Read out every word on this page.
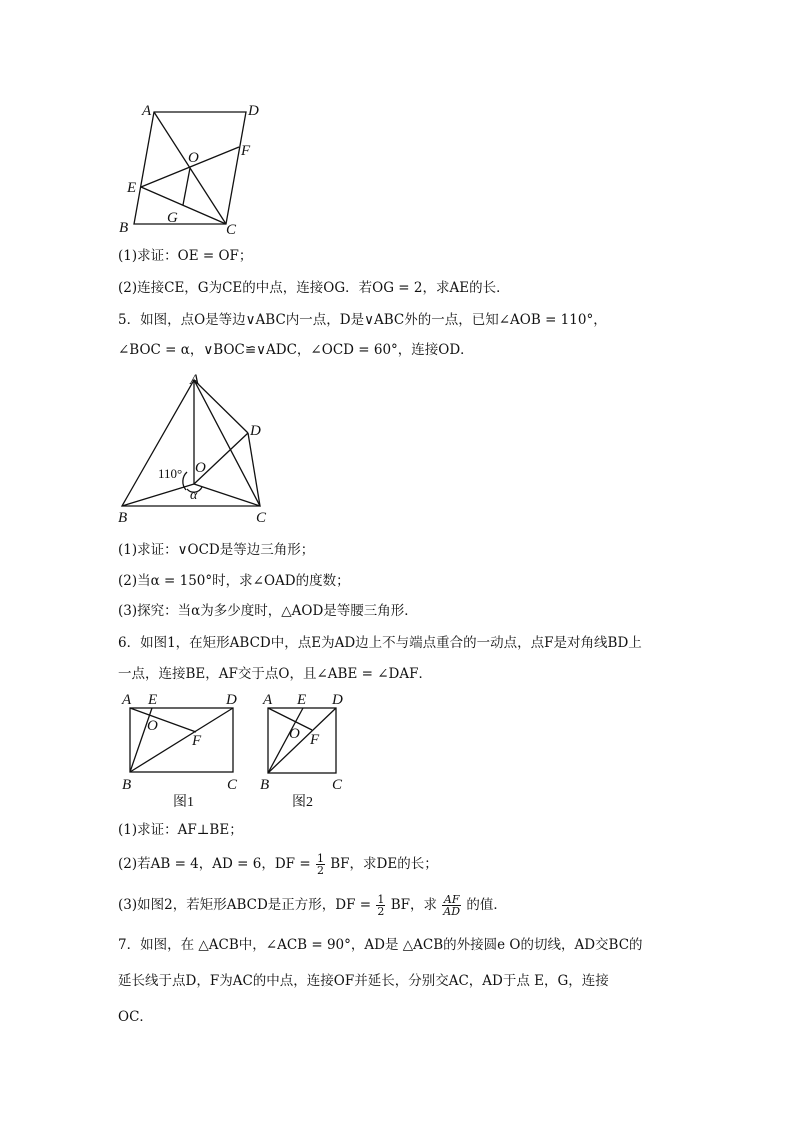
A	D
O	F
E
B
G
C
(1)求证：OE = OF；
(2)连接CE，G为CE的中点，连接OG．若OG = 2，求AE的长．
5．如图，点O是等边∨ABC内一点，D是∨ABC外的一点，已知∠AOB = 110°，
∠BOC = α，∨BOC≌∨ADC，∠OCD = 60°，连接OD．
A
D
O
B	C
110°
α
(1)求证：∨OCD是等边三角形；
(2)当α = 150°时，求∠OAD的度数；
(3)探究：当α为多少度时，△AOD是等腰三角形．
6．如图1，在矩形ABCD中，点E为AD边上不与端点重合的一动点，点F是对角线BD上
一点，连接BE，AF交于点O，且∠ABE = ∠DAF．
A E	D
O
F
B	C
图1
A E D
O F
B	C
图2
(1)求证：AF⊥BE；
(2)若AB = 4，AD = 6，DF = $\frac{1}{2}$ BF，求DE的长；
(3)如图2，若矩形ABCD是正方形，DF = $\frac{1}{2}$ BF，求 $\frac{AF}{AD}$ 的值．
7．如图，在 △ACB中，∠ACB = 90°，AD是 △ACB的外接圆e O的切线，AD交BC的
延长线于点D，F为AC的中点，连接OF并延长，分别交AC，AD于点 E，G，连接
OC．
